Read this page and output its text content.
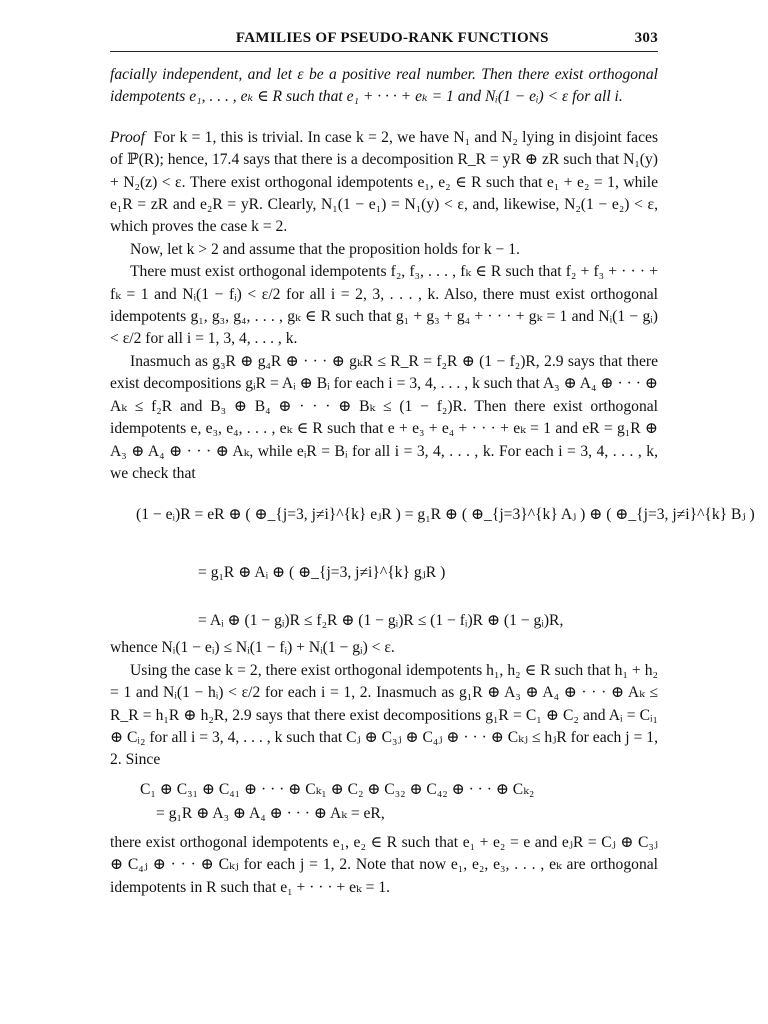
FAMILIES OF PSEUDO-RANK FUNCTIONS	303

facially independent, and let ε be a positive real number. Then there exist orthogonal idempotents e₁, . . . , eₖ ∈ R such that e₁ + · · · + eₖ = 1 and Nᵢ(1 − eᵢ) < ε for all i.

Proof For k = 1, this is trivial. In case k = 2, we have N₁ and N₂ lying in disjoint faces of ℙ(R); hence, 17.4 says that there is a decomposition R_R = yR ⊕ zR such that N₁(y) + N₂(z) < ε. There exist orthogonal idempotents e₁, e₂ ∈ R such that e₁ + e₂ = 1, while e₁R = zR and e₂R = yR. Clearly, N₁(1 − e₁) = N₁(y) < ε, and, likewise, N₂(1 − e₂) < ε, which proves the case k = 2.

Now, let k > 2 and assume that the proposition holds for k − 1.

There must exist orthogonal idempotents f₂, f₃, . . . , fₖ ∈ R such that f₂ + f₃ + · · · + fₖ = 1 and Nᵢ(1 − fᵢ) < ε/2 for all i = 2, 3, . . . , k. Also, there must exist orthogonal idempotents g₁, g₃, g₄, . . . , gₖ ∈ R such that g₁ + g₃ + g₄ + · · · + gₖ = 1 and Nᵢ(1 − gᵢ) < ε/2 for all i = 1, 3, 4, . . . , k.

Inasmuch as g₃R ⊕ g₄R ⊕ · · · ⊕ gₖR ≤ R_R = f₂R ⊕ (1 − f₂)R, 2.9 says that there exist decompositions gᵢR = Aᵢ ⊕ Bᵢ for each i = 3, 4, . . . , k such that A₃ ⊕ A₄ ⊕ · · · ⊕ Aₖ ≤ f₂R and B₃ ⊕ B₄ ⊕ · · · ⊕ Bₖ ≤ (1 − f₂)R. Then there exist orthogonal idempotents e, e₃, e₄, . . . , eₖ ∈ R such that e + e₃ + e₄ + · · · + eₖ = 1 and eR = g₁R ⊕ A₃ ⊕ A₄ ⊕ · · · ⊕ Aₖ, while eᵢR = Bᵢ for all i = 3, 4, . . . , k. For each i = 3, 4, . . . , k, we check that

(1 − eᵢ)R = eR ⊕ ( ⊕_{j=3, j≠i}^{k} eⱼR ) = g₁R ⊕ ( ⊕_{j=3}^{k} Aⱼ ) ⊕ ( ⊕_{j=3, j≠i}^{k} Bⱼ )
= g₁R ⊕ Aᵢ ⊕ ( ⊕_{j=3, j≠i}^{k} gⱼR )
= Aᵢ ⊕ (1 − gᵢ)R ≤ f₂R ⊕ (1 − gᵢ)R ≤ (1 − fᵢ)R ⊕ (1 − gᵢ)R,

whence Nᵢ(1 − eᵢ) ≤ Nᵢ(1 − fᵢ) + Nᵢ(1 − gᵢ) < ε.

Using the case k = 2, there exist orthogonal idempotents h₁, h₂ ∈ R such that h₁ + h₂ = 1 and Nᵢ(1 − hᵢ) < ε/2 for each i = 1, 2. Inasmuch as g₁R ⊕ A₃ ⊕ A₄ ⊕ · · · ⊕ Aₖ ≤ R_R = h₁R ⊕ h₂R, 2.9 says that there exist decompositions g₁R = C₁ ⊕ C₂ and Aᵢ = Cᵢ₁ ⊕ Cᵢ₂ for all i = 3, 4, . . . , k such that Cⱼ ⊕ C₃ⱼ ⊕ C₄ⱼ ⊕ · · · ⊕ Cₖⱼ ≤ hⱼR for each j = 1, 2. Since

C₁ ⊕ C₃₁ ⊕ C₄₁ ⊕ · · · ⊕ Cₖ₁ ⊕ C₂ ⊕ C₃₂ ⊕ C₄₂ ⊕ · · · ⊕ Cₖ₂
= g₁R ⊕ A₃ ⊕ A₄ ⊕ · · · ⊕ Aₖ = eR,

there exist orthogonal idempotents e₁, e₂ ∈ R such that e₁ + e₂ = e and eⱼR = Cⱼ ⊕ C₃ⱼ ⊕ C₄ⱼ ⊕ · · · ⊕ Cₖⱼ for each j = 1, 2. Note that now e₁, e₂, e₃, . . . , eₖ are orthogonal idempotents in R such that e₁ + · · · + eₖ = 1.
